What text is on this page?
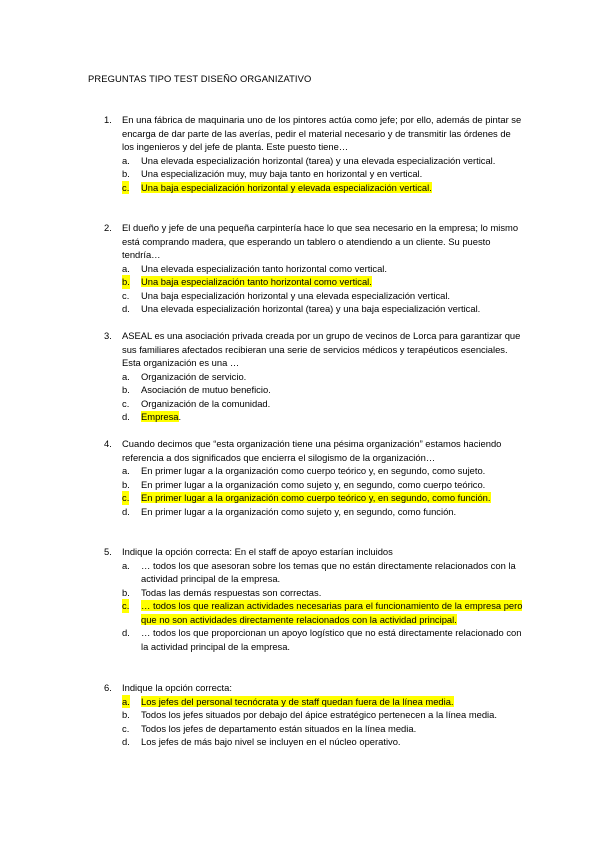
PREGUNTAS TIPO TEST DISEÑO ORGANIZATIVO
1.	En una fábrica de maquinaria uno de los pintores actúa como jefe; por ello, además de pintar se encarga de dar parte de las averías, pedir el material necesario y de transmitir las órdenes de los ingenieros y del jefe de planta. Este puesto tiene…
a. Una elevada especialización horizontal (tarea) y una elevada especialización vertical.
b. Una especialización muy, muy baja tanto en horizontal y en vertical.
c. Una baja especialización horizontal y elevada especialización vertical.
2.	El dueño y jefe de una pequeña carpintería hace lo que sea necesario en la empresa; lo mismo está comprando madera, que esperando un tablero o atendiendo a un cliente. Su puesto tendría…
a. Una elevada especialización tanto horizontal como vertical.
b. Una baja especialización tanto horizontal como vertical.
c. Una baja especialización horizontal y una elevada especialización vertical.
d. Una elevada especialización horizontal (tarea) y una baja especialización vertical.
3.	ASEAL es una asociación privada creada por un grupo de vecinos de Lorca para garantizar que sus familiares afectados recibieran una serie de servicios médicos y terapéuticos esenciales. Esta organización es una …
a. Organización de servicio.
b. Asociación de mutuo beneficio.
c. Organización de la comunidad.
d. Empresa.
4.	Cuando decimos que “esta organización tiene una pésima organización” estamos haciendo referencia a dos significados que encierra el silogismo de la organización…
a. En primer lugar a la organización como cuerpo teórico y, en segundo, como sujeto.
b. En primer lugar a la organización como sujeto y, en segundo, como cuerpo teórico.
c. En primer lugar a la organización como cuerpo teórico y, en segundo, como función.
d. En primer lugar a la organización como sujeto y, en segundo, como función.
5.	Indique la opción correcta: En el staff de apoyo estarían incluidos
a. … todos los que asesoran sobre los temas que no están directamente relacionados con la actividad principal de la empresa.
b. Todas las demás respuestas son correctas.
c. … todos los que realizan actividades necesarias para el funcionamiento de la empresa pero que no son actividades directamente relacionados con la actividad principal.
d. … todos los que proporcionan un apoyo logístico que no está directamente relacionado con la actividad principal de la empresa.
6.	Indique la opción correcta:
a. Los jefes del personal tecnócrata y de staff quedan fuera de la línea media.
b. Todos los jefes situados por debajo del ápice estratégico pertenecen a la línea media.
c. Todos los jefes de departamento están situados en la línea media.
d. Los jefes de más bajo nivel se incluyen en el núcleo operativo.
